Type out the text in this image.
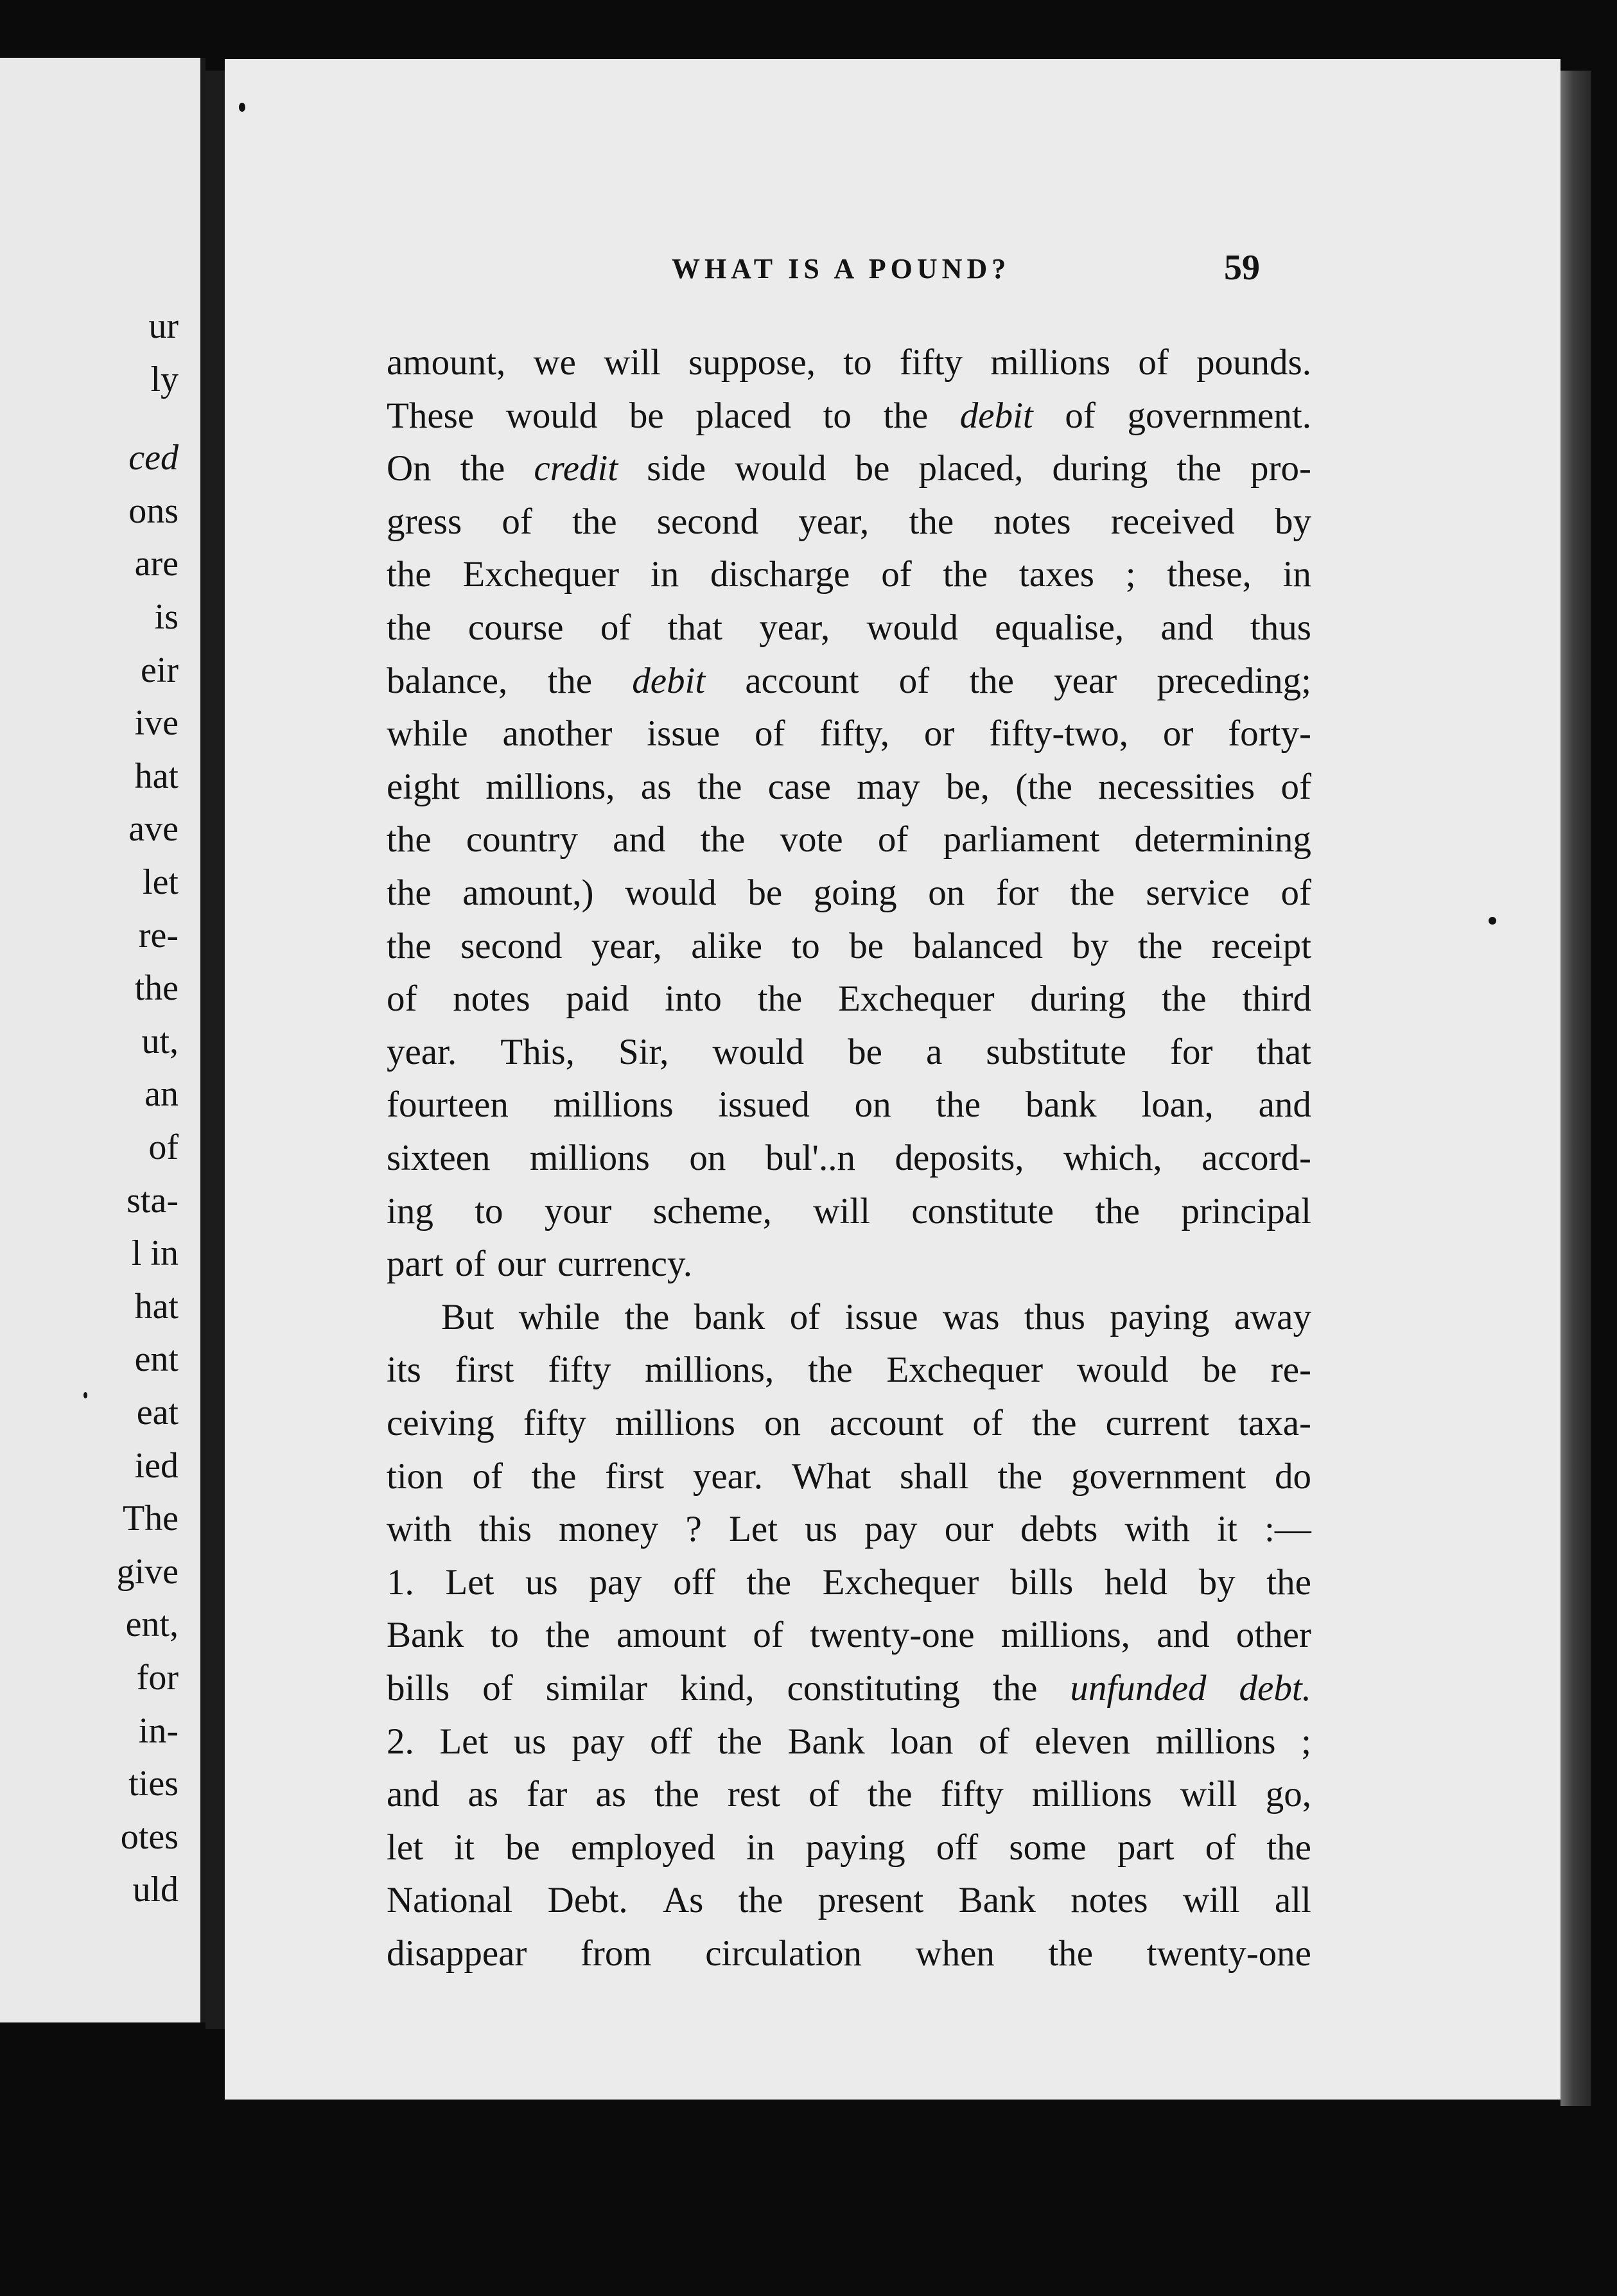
ur
ly
ced
ons
are
is
eir
ive
hat
ave
let
re-
the
ut,
an
of
sta-
l in
hat
ent
eat
ied
The
give
ent,
for
in-
ties
otes
uld
WHAT IS A POUND?	59
amount, we will suppose, to fifty millions of pounds.
These would be placed to the debit of government.
On the credit side would be placed, during the pro-
gress of the second year, the notes received by
the Exchequer in discharge of the taxes ; these, in
the course of that year, would equalise, and thus
balance, the debit account of the year preceding;
while another issue of fifty, or fifty-two, or forty-
eight millions, as the case may be, (the necessities of
the country and the vote of parliament determining
the amount,) would be going on for the service of
the second year, alike to be balanced by the receipt
of notes paid into the Exchequer during the third
year. This, Sir, would be a substitute for that
fourteen millions issued on the bank loan, and
sixteen millions on bul'..n deposits, which, accord-
ing to your scheme, will constitute the principal
part of our currency.
But while the bank of issue was thus paying away
its first fifty millions, the Exchequer would be re-
ceiving fifty millions on account of the current taxa-
tion of the first year. What shall the government do
with this money ? Let us pay our debts with it :—
1. Let us pay off the Exchequer bills held by the
Bank to the amount of twenty-one millions, and other
bills of similar kind, constituting the unfunded debt.
2. Let us pay off the Bank loan of eleven millions ;
and as far as the rest of the fifty millions will go,
let it be employed in paying off some part of the
National Debt. As the present Bank notes will all
disappear from circulation when the twenty-one
